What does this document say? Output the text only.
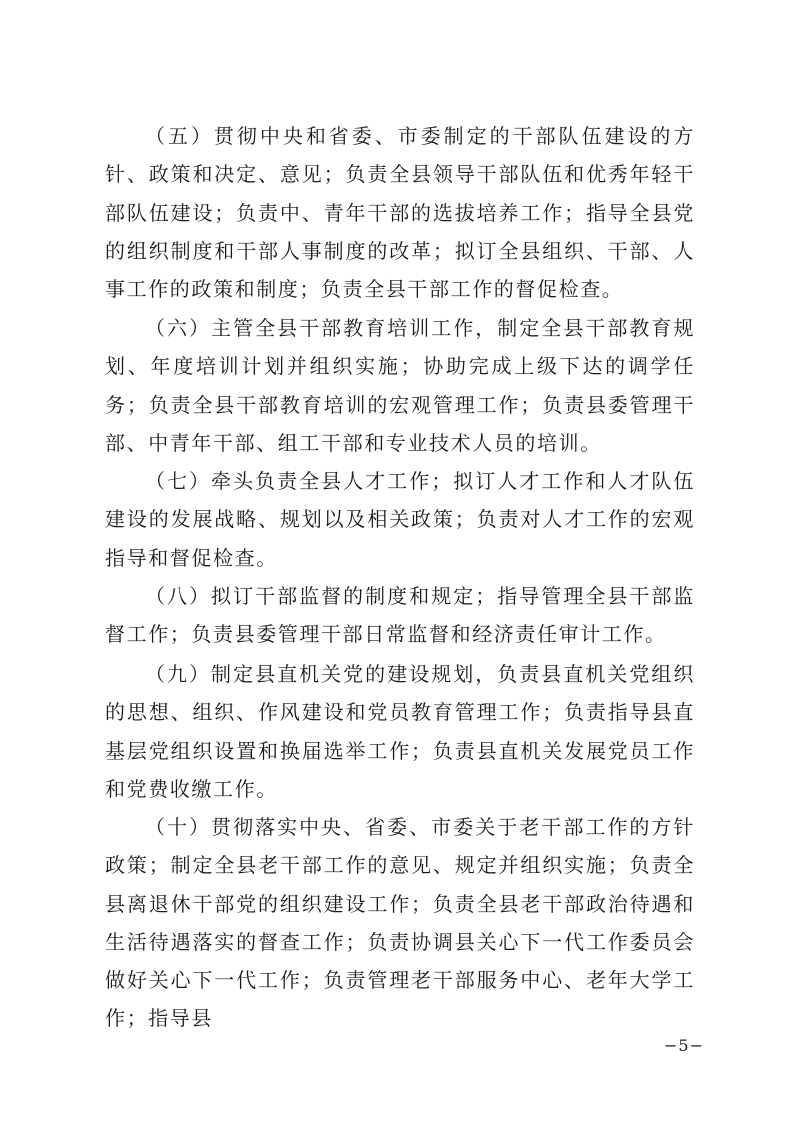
（五）贯彻中央和省委、市委制定的干部队伍建设的方针、政策和决定、意见；负责全县领导干部队伍和优秀年轻干部队伍建设；负责中、青年干部的选拔培养工作；指导全县党的组织制度和干部人事制度的改革；拟订全县组织、干部、人事工作的政策和制度；负责全县干部工作的督促检查。

（六）主管全县干部教育培训工作，制定全县干部教育规划、年度培训计划并组织实施；协助完成上级下达的调学任务；负责全县干部教育培训的宏观管理工作；负责县委管理干部、中青年干部、组工干部和专业技术人员的培训。

（七）牵头负责全县人才工作；拟订人才工作和人才队伍建设的发展战略、规划以及相关政策；负责对人才工作的宏观指导和督促检查。

（八）拟订干部监督的制度和规定；指导管理全县干部监督工作；负责县委管理干部日常监督和经济责任审计工作。

（九）制定县直机关党的建设规划，负责县直机关党组织的思想、组织、作风建设和党员教育管理工作；负责指导县直基层党组织设置和换届选举工作；负责县直机关发展党员工作和党费收缴工作。

（十）贯彻落实中央、省委、市委关于老干部工作的方针政策；制定全县老干部工作的意见、规定并组织实施；负责全县离退休干部党的组织建设工作；负责全县老干部政治待遇和生活待遇落实的督查工作；负责协调县关心下一代工作委员会做好关心下一代工作；负责管理老干部服务中心、老年大学工作；指导县

−5−
